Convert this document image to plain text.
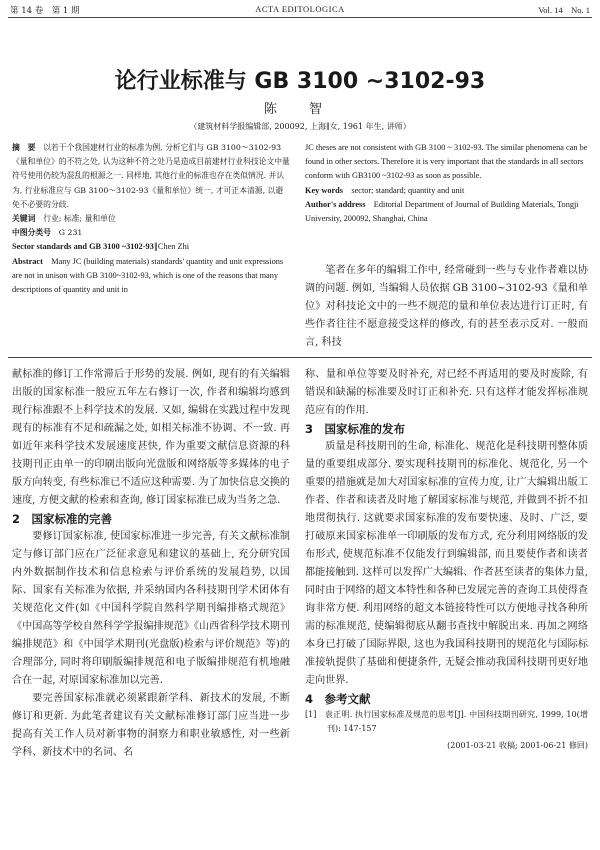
第 14 卷　第 1 期	ACTA EDITOLOGICA	Vol. 14　No. 1
论行业标准与 GB 3100 ~3102-93
陈 智
（建筑材料学报编辑部, 200092, 上海∥女, 1961 年生, 讲师）
摘　要　 以若干个我国建材行业的标准为例, 分析它们与 GB 3100～3102-93《量和单位》的不符之处, 认为这种不符之处乃是造成目前建材行业科技论文中量符号使用仍较为混乱的根源之一. 同样地, 其他行业的标准也存在类似情况. 并认为, 行业标准应与 GB 3100～3102-93《量和单位》统一, 才可正本清源, 以避免不必要的分歧.
关键词　 行业; 标准; 量和单位
中图分类号　 G 231
Sector standards and GB 3100 ~3102-93∥Chen Zhi
Abstract　 Many JC (building materials) standards' quantity and unit expressions are not in unison with GB 3100~3102-93, which is one of the reasons that many descriptions of quantity and unit in
JC theses are not consistent with GB 3100 ~ 3102-93. The similar phenomena can be found in other sectors. Therefore it is very important that the standards in all sectors conform with GB3100 ~3102-93 as soon as possible.
Key words　 sector; standard; quantity and unit
Author's address　 Editorial Department of Journal of Building Materials, Tongji University, 200092, Shanghai, China

笔者在多年的编辑工作中, 经常碰到一些与专业作者难以协调的问题. 例如, 当编辑人员依据 GB 3100~3102-93《量和单位》对科技论文中的一些不规范的量和单位表达进行订正时, 有些作者往往不愿意接受这样的修改, 有的甚至表示反对. 一般而言, 科技

献标准的修订工作常滞后于形势的发展. 例如, 现有的有关编辑出版的国家标准一般应五年左右修订一次, 作者和编辑均感到现行标准跟不上科学技术的发展. 又如, 编辑在实践过程中发现现有的标准有不足和疏漏之处, 如相关标准不协调、不一致. 再如近年来科学技术发展速度甚快, 作为重要文献信息资源的科技期刊正由单一的印刷出版向光盘版和网络版等多媒体的电子版方向转变, 有些标准已不适应这种需要. 为了加快信息交换的速度, 方便文献的检索和查询, 修订国家标准已成为当务之急.

2　国家标准的完善

要修订国家标准, 使国家标准进一步完善, 有关文献标准制定与修订部门应在广泛征求意见和建议的基础上, 充分研究国内外数据制作技术和信息检索与评价系统的发展趋势, 以国际、国家有关标准为依据, 并采纳国内各科技期刊学术团体有关规范化文件(如《中国科学院自然科学期刊编排格式规范》《中国高等学校自然科学学报编排规范》《山西省科学技术期刊编排规范》和《中国学术期刊(光盘版)检索与评价规范》等)的合理部分, 同时将印刷版编排规范和电子版编排规范有机地融合在一起, 对原国家标准加以完善.

要完善国家标准就必须紧跟新学科、新技术的发展, 不断修订和更新. 为此笔者建议有关文献标准修订部门应当进一步提高有关工作人员对新事物的洞察力和职业敏感性, 对一些新学科、新技术中的名词、名

称、量和单位等要及时补充, 对已经不再适用的要及时废除, 有错误和缺漏的标准要及时订正和补充. 只有这样才能发挥标准规范应有的作用.

3　国家标准的发布

质量是科技期刊的生命, 标准化、规范化是科技期刊整体质量的重要组成部分. 要实现科技期刊的标准化、规范化, 另一个重要的措施就是加大对国家标准的宣传力度, 让广大编辑出版工作者、作者和读者及时地了解国家标准与规范, 并做到不折不扣地贯彻执行. 这就要求国家标准的发布要快速、及时、广泛, 要打破原来国家标准单一印刷版的发布方式, 充分利用网络版的发布形式, 使规范标准不仅能发行到编辑部, 而且要使作者和读者都能接触到. 这样可以发挥广大编辑、作者甚至读者的集体力量, 同时由于网络的超文本特性和各种已发展完善的查询工具使得查询非常方便. 利用网络的超文本链接特性可以方便地寻找各种所需的标准规范, 使编辑彻底从翻书查找中解脱出来. 再加之网络本身已打破了国际界限, 这也为我国科技期刊的规范化与国际标准接轨提供了基础和便捷条件, 无疑会推动我国科技期刊更好地走向世界.

4　参考文献

[1]　袁正明. 执行国家标准及规范的思考[J]. 中国科技期刊研究, 1999, 10(增刊): 147-157

(2001-03-21 收稿; 2001-06-21 修回)
